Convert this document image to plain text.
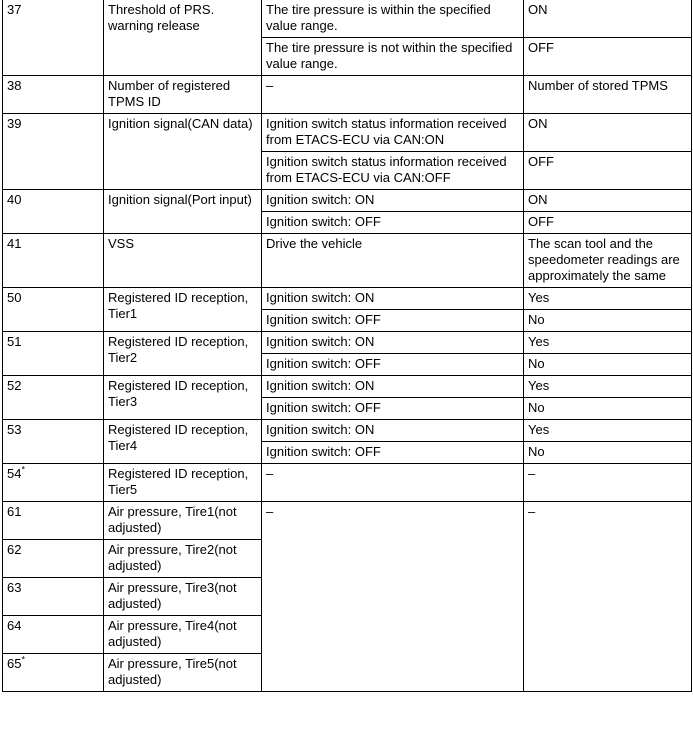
37	Threshold of PRS. warning release	The tire pressure is within the specified value range.	ON
		The tire pressure is not within the specified value range.	OFF
38	Number of registered TPMS ID	–	Number of stored TPMS
39	Ignition signal(CAN data)	Ignition switch status information received from ETACS-ECU via CAN:ON	ON
		Ignition switch status information received from ETACS-ECU via CAN:OFF	OFF
40	Ignition signal(Port input)	Ignition switch: ON	ON
		Ignition switch: OFF	OFF
41	VSS	Drive the vehicle	The scan tool and the speedometer readings are approximately the same
50	Registered ID reception, Tier1	Ignition switch: ON	Yes
		Ignition switch: OFF	No
51	Registered ID reception, Tier2	Ignition switch: ON	Yes
		Ignition switch: OFF	No
52	Registered ID reception, Tier3	Ignition switch: ON	Yes
		Ignition switch: OFF	No
53	Registered ID reception, Tier4	Ignition switch: ON	Yes
		Ignition switch: OFF	No
54*	Registered ID reception, Tier5	–	–
61	Air pressure, Tire1(not adjusted)	–	–
62	Air pressure, Tire2(not adjusted)		
63	Air pressure, Tire3(not adjusted)		
64	Air pressure, Tire4(not adjusted)		
65*	Air pressure, Tire5(not adjusted)		
